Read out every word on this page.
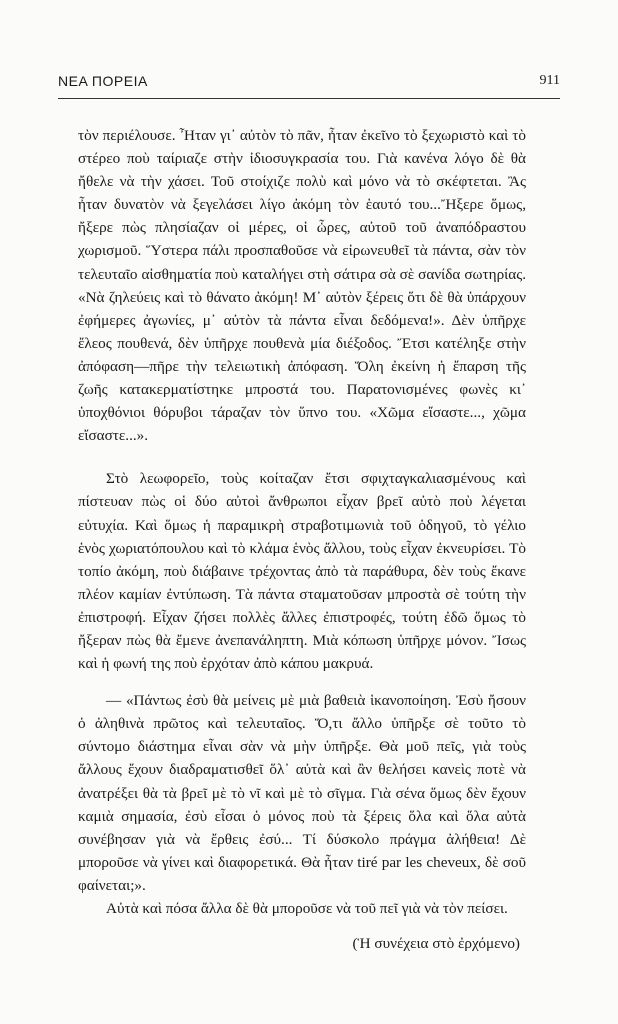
ΝΕΑ ΠΟΡΕΙΑ	911

τὸν περιέλουσε. Ἦταν γι᾿ αὐτὸν τὸ πᾶν, ἦταν ἐκεῖνο τὸ ξεχωριστὸ καὶ τὸ στέρεο ποὺ ταίριαζε στὴν ἰδιοσυγκρασία του. Γιὰ κανένα λόγο δὲ θὰ ἤθελε νὰ τὴν χάσει. Τοῦ στοίχιζε πολὺ καὶ μόνο νὰ τὸ σκέφτεται. Ἂς ἦταν δυνατὸν νὰ ξεγελάσει λίγο ἀκόμη τὸν ἑαυτό του...Ἤξερε ὅμως, ἤξερε πὼς πλησίαζαν οἱ μέρες, οἱ ὧρες, αὐτοῦ τοῦ ἀναπόδραστου χωρισμοῦ. Ὕστερα πάλι προσπαθοῦσε νὰ εἰρωνευθεῖ τὰ πάντα, σὰν τὸν τελευταῖο αἰσθηματία ποὺ καταλήγει στὴ σάτιρα σὰ σὲ σανίδα σωτηρίας. «Νὰ ζηλεύεις καὶ τὸ θάνατο ἀκόμη! Μ᾿ αὐτὸν ξέρεις ὅτι δὲ θὰ ὑπάρχουν ἐφήμερες ἀγωνίες, μ᾿ αὐτὸν τὰ πάντα εἶναι δεδόμενα!». Δὲν ὑπῆρχε ἔλεος πουθενά, δὲν ὑπῆρχε πουθενὰ μία διέξοδος. Ἔτσι κατέληξε στὴν ἀπόφαση—πῆρε τὴν τελειωτικὴ ἀπόφαση. Ὅλη ἐκείνη ἡ ἔπαρση τῆς ζωῆς κατακερματίστηκε μπροστά του. Παρατονισμένες φωνὲς κι᾿ ὑποχθόνιοι θόρυβοι τάραζαν τὸν ὕπνο του. «Χῶμα εἴσαστε..., χῶμα εἴσαστε...».

Στὸ λεωφορεῖο, τοὺς κοίταζαν ἔτσι σφιχταγκαλιασμένους καὶ πίστευαν πὼς οἱ δύο αὐτοὶ ἄνθρωποι εἶχαν βρεῖ αὐτὸ ποὺ λέγεται εὐτυχία. Καὶ ὅμως ἡ παραμικρὴ στραβοτιμωνιὰ τοῦ ὁδηγοῦ, τὸ γέλιο ἑνὸς χωριατόπουλου καὶ τὸ κλάμα ἑνὸς ἄλλου, τοὺς εἶχαν ἐκνευρίσει. Τὸ τοπίο ἀκόμη, ποὺ διάβαινε τρέχοντας ἀπὸ τὰ παράθυρα, δὲν τοὺς ἔκανε πλέον καμίαν ἐντύπωση. Τὰ πάντα σταματοῦσαν μπροστὰ σὲ τούτη τὴν ἐπιστροφή. Εἶχαν ζήσει πολλὲς ἄλλες ἐπιστροφές, τούτη ἐδῶ ὅμως τὸ ἤξεραν πὼς θὰ ἔμενε ἀνεπανάληπτη. Μιὰ κόπωση ὑπῆρχε μόνον. Ἴσως καὶ ἡ φωνή της ποὺ ἐρχόταν ἀπὸ κάπου μακρυά.

— «Πάντως ἐσὺ θὰ μείνεις μὲ μιὰ βαθειὰ ἱκανοποίηση. Ἐσὺ ἤσουν ὁ ἀληθινὰ πρῶτος καὶ τελευταῖος. Ὅ,τι ἄλλο ὑπῆρξε σὲ τοῦτο τὸ σύντομο διάστημα εἶναι σὰν νὰ μὴν ὑπῆρξε. Θὰ μοῦ πεῖς, γιὰ τοὺς ἄλλους ἔχουν διαδραματισθεῖ ὅλ᾿ αὐτὰ καὶ ἂν θελήσει κανεὶς ποτὲ νὰ ἀνατρέξει θὰ τὰ βρεῖ μὲ τὸ νῖ καὶ μὲ τὸ σῖγμα. Γιὰ σένα ὅμως δὲν ἔχουν καμιὰ σημασία, ἐσὺ εἶσαι ὁ μόνος ποὺ τὰ ξέρεις ὅλα καὶ ὅλα αὐτὰ συνέβησαν γιὰ νὰ ἔρθεις ἐσύ... Τί δύσκολο πράγμα ἀλήθεια! Δὲ μποροῦσε νὰ γίνει καὶ διαφορετικά. Θὰ ἦταν tiré par les cheveux, δὲ σοῦ φαίνεται;».

Αὐτὰ καὶ πόσα ἄλλα δὲ θὰ μποροῦσε νὰ τοῦ πεῖ γιὰ νὰ τὸν πείσει.

(Ἡ συνέχεια στὸ ἐρχόμενο)
